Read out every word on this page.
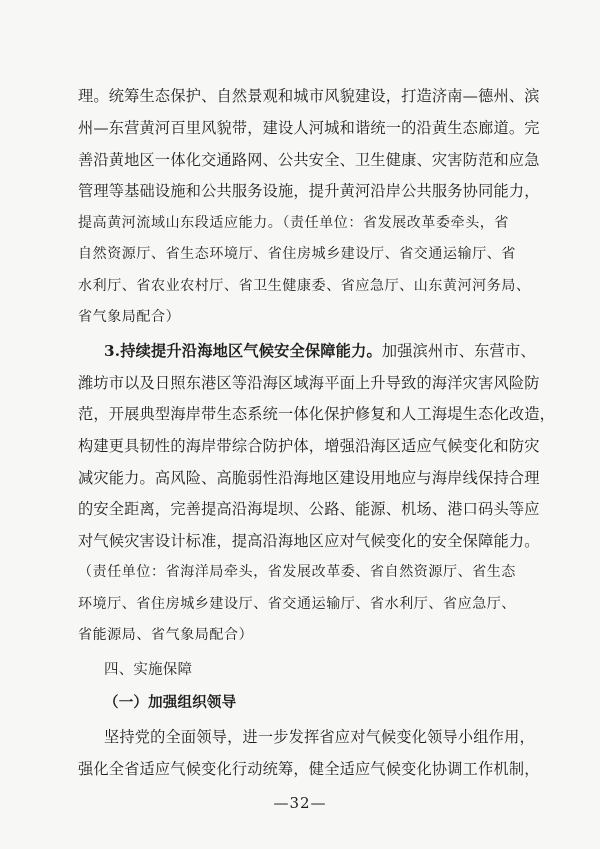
理。统筹生态保护、自然景观和城市风貌建设，打造济南—德州、滨
州—东营黄河百里风貌带，建设人河城和谐统一的沿黄生态廊道。完
善沿黄地区一体化交通路网、公共安全、卫生健康、灾害防范和应急
管理等基础设施和公共服务设施，提升黄河沿岸公共服务协同能力，
提高黄河流域山东段适应能力。（责任单位：省发展改革委牵头，省
自然资源厅、省生态环境厅、省住房城乡建设厅、省交通运输厅、省
水利厅、省农业农村厅、省卫生健康委、省应急厅、山东黄河河务局、
省气象局配合）
3.持续提升沿海地区气候安全保障能力。加强滨州市、东营市、
潍坊市以及日照东港区等沿海区域海平面上升导致的海洋灾害风险防
范，开展典型海岸带生态系统一体化保护修复和人工海堤生态化改造，
构建更具韧性的海岸带综合防护体，增强沿海区适应气候变化和防灾
减灾能力。高风险、高脆弱性沿海地区建设用地应与海岸线保持合理
的安全距离，完善提高沿海堤坝、公路、能源、机场、港口码头等应
对气候灾害设计标准，提高沿海地区应对气候变化的安全保障能力。
（责任单位：省海洋局牵头，省发展改革委、省自然资源厅、省生态
环境厅、省住房城乡建设厅、省交通运输厅、省水利厅、省应急厅、
省能源局、省气象局配合）
四、实施保障
（一）加强组织领导
坚持党的全面领导，进一步发挥省应对气候变化领导小组作用，
强化全省适应气候变化行动统筹，健全适应气候变化协调工作机制，
—32—
